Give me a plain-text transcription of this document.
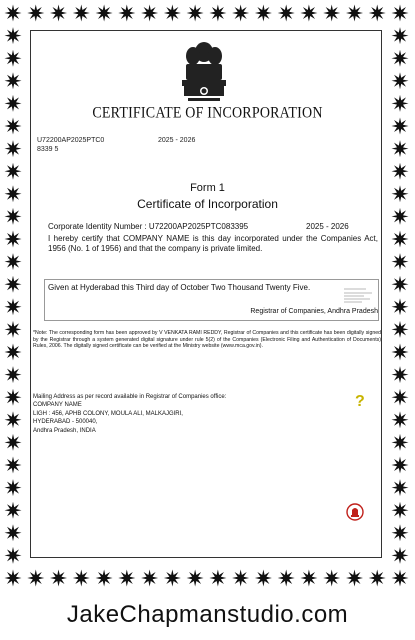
CERTIFICATE OF INCORPORATION
U72200AP2025PTC08339 5
2025 - 2026
Form 1
Certificate of Incorporation
Corporate Identity Number : U72200AP2025PTC083395	2025 - 2026
I hereby certify that COMPANY NAME is this day incorporated under the Companies Act, 1956 (No. 1 of 1956) and that the company is private limited.
Given at Hyderabad this Third day of October Two Thousand Twenty Five.
Registrar of Companies, Andhra Pradesh
*Note: The corresponding form has been approved by V VENKATA RAMI REDDY, Registrar of Companies and this certificate has been digitally signed by the Registrar through a system generated digital signature under rule 5(2) of the Companies (Electronic Filing and Authentication of Documents) Rules, 2006. The digitally signed certificate can be verified at the Ministry website (www.mca.gov.in).
Mailing Address as per record available in Registrar of Companies office:
COMPANY NAME
LIGH : 456, APHB COLONY, MOULA ALI, MALKAJGIRI,
HYDERABAD - 500040,
Andhra Pradesh, INDIA
?
JakeChapmanstudio.com
